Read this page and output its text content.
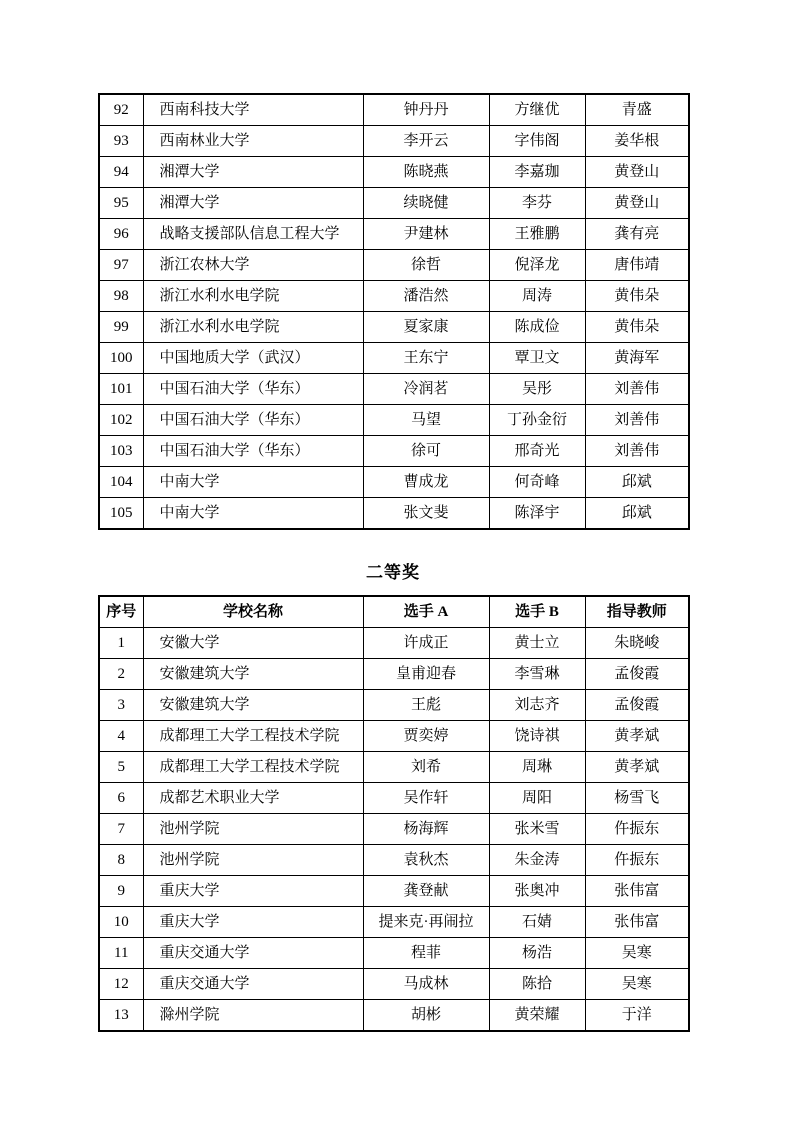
92	西南科技大学	钟丹丹	方继优	青盛
93	西南林业大学	李开云	字伟阁	姜华根
94	湘潭大学	陈晓燕	李嘉珈	黄登山
95	湘潭大学	续晓健	李芬	黄登山
96	战略支援部队信息工程大学	尹建林	王雅鹏	龚有亮
97	浙江农林大学	徐哲	倪泽龙	唐伟靖
98	浙江水利水电学院	潘浩然	周涛	黄伟朵
99	浙江水利水电学院	夏家康	陈成俭	黄伟朵
100	中国地质大学（武汉）	王东宁	覃卫文	黄海军
101	中国石油大学（华东）	冷润茗	吴彤	刘善伟
102	中国石油大学（华东）	马望	丁孙金衍	刘善伟
103	中国石油大学（华东）	徐可	邢奇光	刘善伟
104	中南大学	曹成龙	何奇峰	邱斌
105	中南大学	张文斐	陈泽宇	邱斌
二等奖
序号	学校名称	选手 A	选手 B	指导教师
1	安徽大学	许成正	黄士立	朱晓峻
2	安徽建筑大学	皇甫迎春	李雪琳	孟俊霞
3	安徽建筑大学	王彪	刘志齐	孟俊霞
4	成都理工大学工程技术学院	贾奕婷	饶诗祺	黄孝斌
5	成都理工大学工程技术学院	刘希	周琳	黄孝斌
6	成都艺术职业大学	吴作轩	周阳	杨雪飞
7	池州学院	杨海辉	张米雪	仵振东
8	池州学院	袁秋杰	朱金涛	仵振东
9	重庆大学	龚登献	张奥冲	张伟富
10	重庆大学	提来克·再闹拉	石婧	张伟富
11	重庆交通大学	程菲	杨浩	吴寒
12	重庆交通大学	马成林	陈拾	吴寒
13	滁州学院	胡彬	黄荣耀	于洋
